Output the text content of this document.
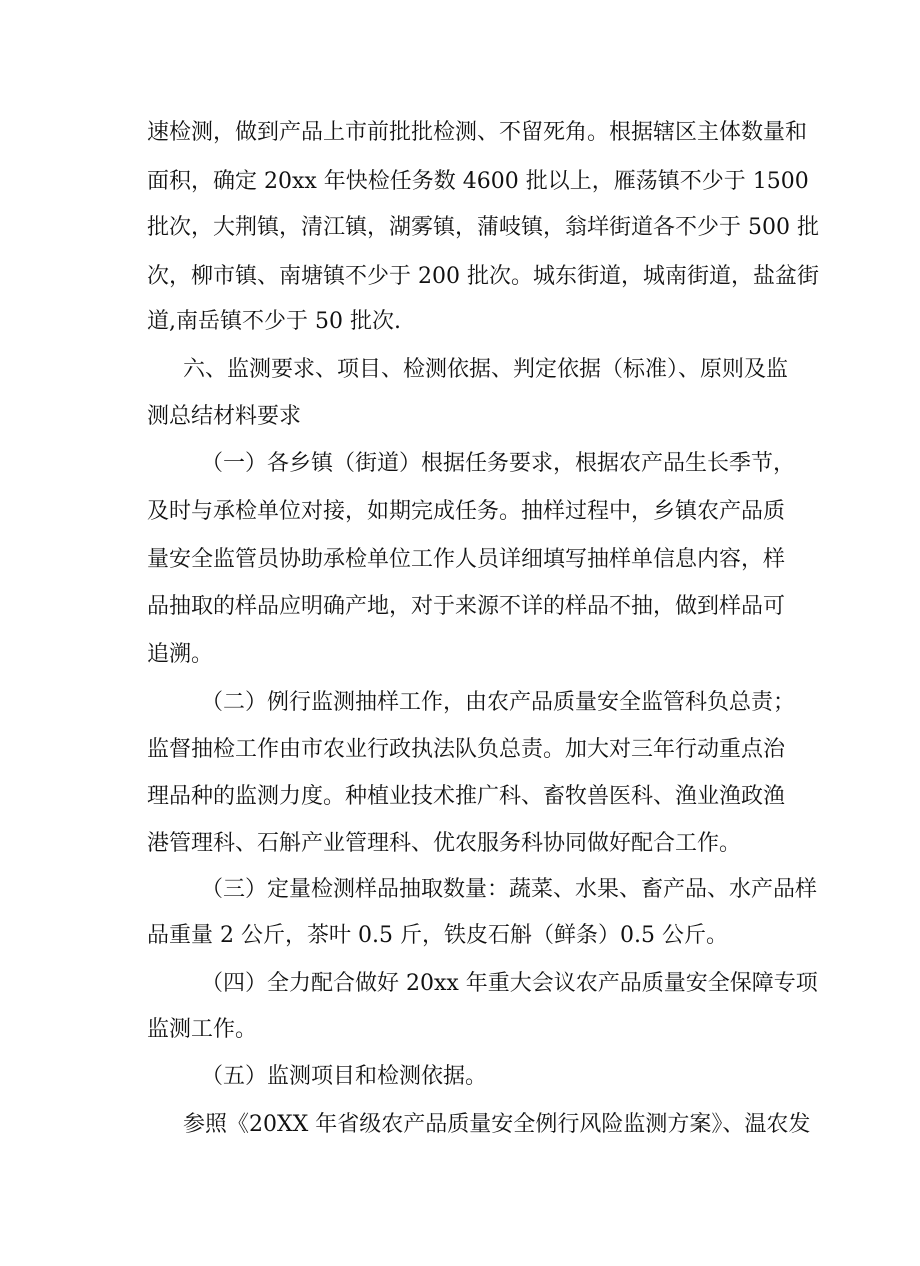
速检测，做到产品上市前批批检测、不留死角。根据辖区主体数量和

面积，确定 20xx 年快检任务数 4600 批以上，雁荡镇不少于 1500

批次，大荆镇，清江镇，湖雾镇，蒲岐镇，翁垟街道各不少于 500 批

次，柳市镇、南塘镇不少于 200 批次。城东街道，城南街道，盐盆街

道,南岳镇不少于 50 批次.

六、监测要求、项目、检测依据、判定依据（标准）、原则及监

测总结材料要求

（一）各乡镇（街道）根据任务要求，根据农产品生长季节，

及时与承检单位对接，如期完成任务。抽样过程中，乡镇农产品质

量安全监管员协助承检单位工作人员详细填写抽样单信息内容，样

品抽取的样品应明确产地，对于来源不详的样品不抽，做到样品可

追溯。

（二）例行监测抽样工作，由农产品质量安全监管科负总责；

监督抽检工作由市农业行政执法队负总责。加大对三年行动重点治

理品种的监测力度。种植业技术推广科、畜牧兽医科、渔业渔政渔

港管理科、石斛产业管理科、优农服务科协同做好配合工作。

（三）定量检测样品抽取数量：蔬菜、水果、畜产品、水产品样

品重量 2 公斤，茶叶 0.5 斤，铁皮石斛（鲜条）0.5 公斤。

（四）全力配合做好 20xx 年重大会议农产品质量安全保障专项

监测工作。

（五）监测项目和检测依据。

参照《20XX 年省级农产品质量安全例行风险监测方案》、温农发
